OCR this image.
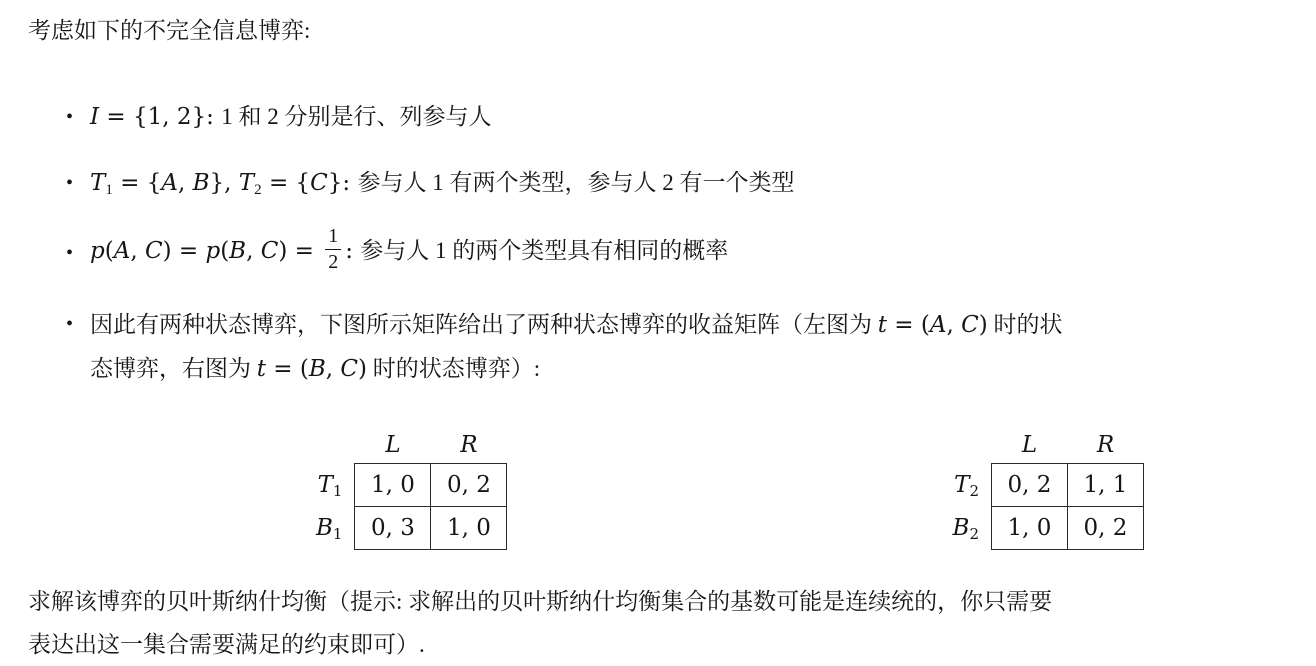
考虑如下的不完全信息博弈:

• I = {1, 2}: 1 和 2 分别是行、列参与人
• $T_1 = \{A$, B}, $T_2 = \{C\}$: 参与人 1 有两个类型，参与人 2 有一个类型
• p(A, C) = p(B, $C) = \frac{1}{2}$ : 参与人 1 的两个类型具有相同的概率
• 因此有两种状态博弈，下图所示矩阵给出了两种状态博弈的收益矩阵（左图为 t = (A, C) 时的状
态博弈，右图为 t = (B, C) 时的状态博弈）:
	L	R
$T_1$	1, 0	0, 2
$B_1$	0, 3	1, 0
	L	R
$T_2$	0, 2	1, 1
$B_2$	1, 0	0, 2

求解该博弈的贝叶斯纳什均衡（提示: 求解出的贝叶斯纳什均衡集合的基数可能是连续统的，你只需要
表达出这一集合需要满足的约束即可）.
